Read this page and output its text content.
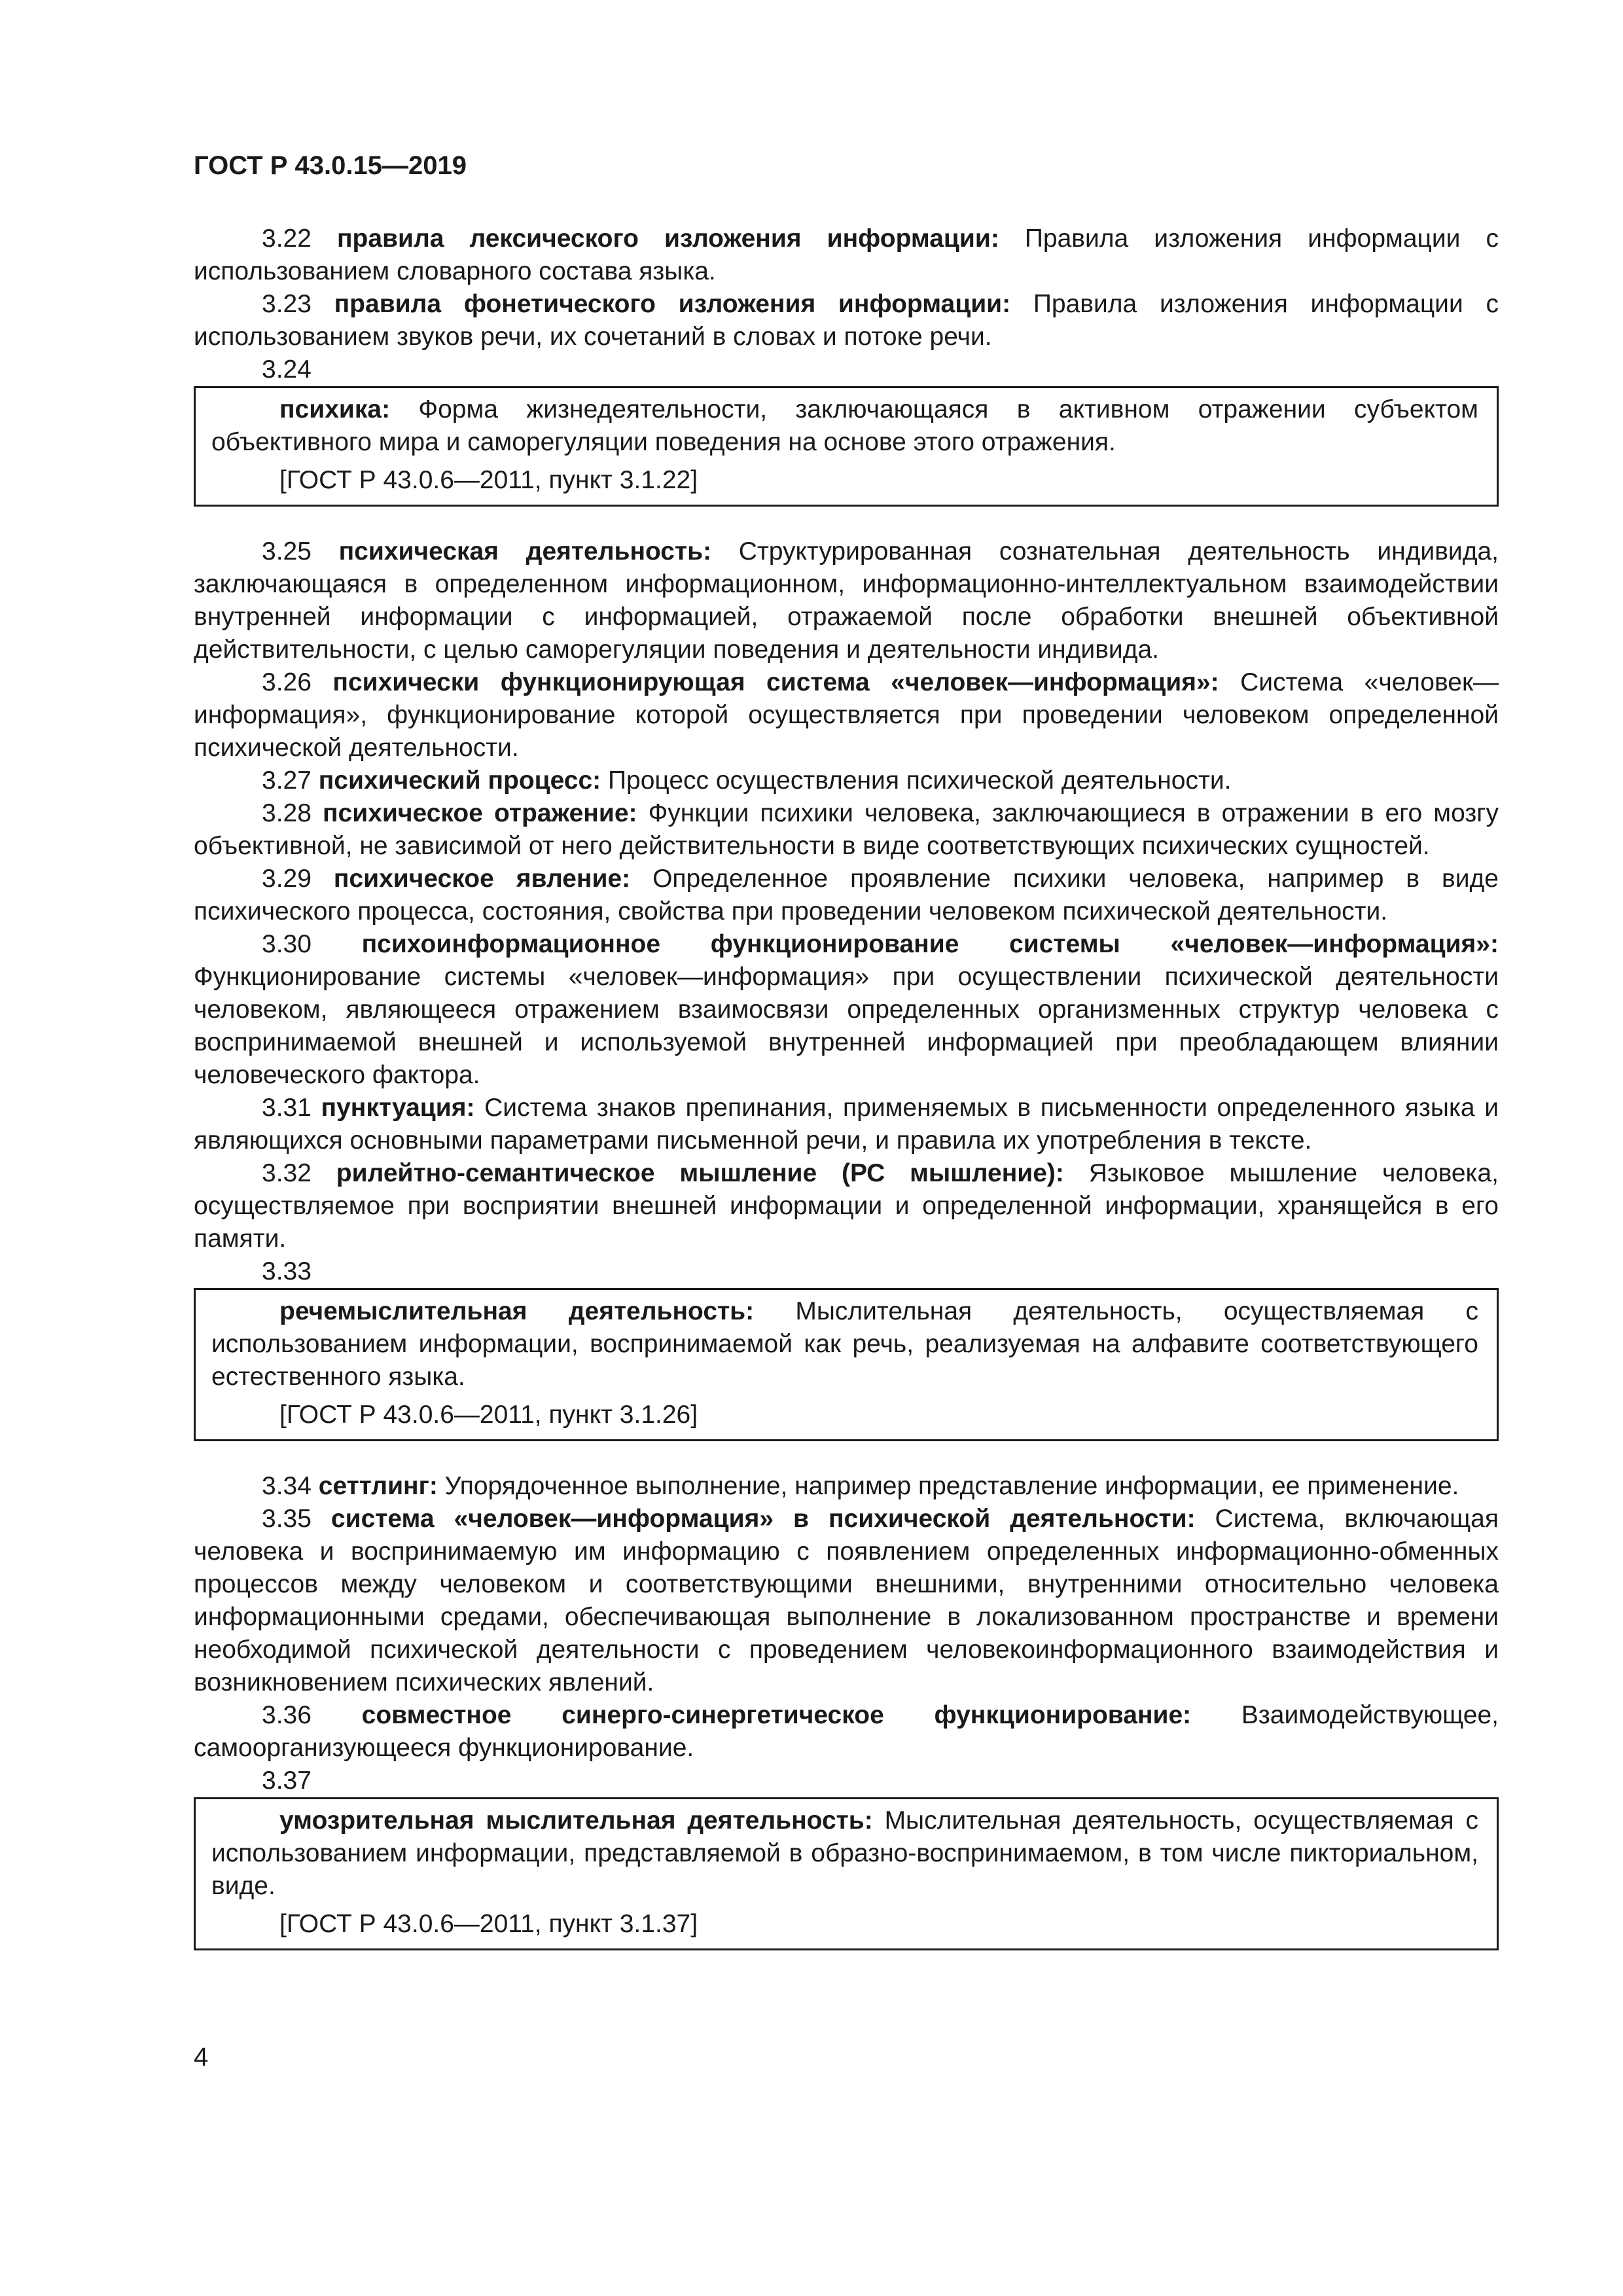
ГОСТ Р 43.0.15—2019

3.22 правила лексического изложения информации: Правила изложения информации с использованием словарного состава языка.

3.23 правила фонетического изложения информации: Правила изложения информации с использованием звуков речи, их сочетаний в словах и потоке речи.

3.24

психика: Форма жизнедеятельности, заключающаяся в активном отражении субъектом объективного мира и саморегуляции поведения на основе этого отражения.

[ГОСТ Р 43.0.6—2011, пункт 3.1.22]

3.25 психическая деятельность: Структурированная сознательная деятельность индивида, заключающаяся в определенном информационном, информационно-интеллектуальном взаимодействии внутренней информации с информацией, отражаемой после обработки внешней объективной действительности, с целью саморегуляции поведения и деятельности индивида.

3.26 психически функционирующая система «человек—информация»: Система «человек—информация», функционирование которой осуществляется при проведении человеком определенной психической деятельности.

3.27 психический процесс: Процесс осуществления психической деятельности.

3.28 психическое отражение: Функции психики человека, заключающиеся в отражении в его мозгу объективной, не зависимой от него действительности в виде соответствующих психических сущностей.

3.29 психическое явление: Определенное проявление психики человека, например в виде психического процесса, состояния, свойства при проведении человеком психической деятельности.

3.30 психоинформационное функционирование системы «человек—информация»: Функционирование системы «человек—информация» при осуществлении психической деятельности человеком, являющееся отражением взаимосвязи определенных организменных структур человека с воспринимаемой внешней и используемой внутренней информацией при преобладающем влиянии человеческого фактора.

3.31 пунктуация: Система знаков препинания, применяемых в письменности определенного языка и являющихся основными параметрами письменной речи, и правила их употребления в тексте.

3.32 рилейтно-семантическое мышление (РС мышление): Языковое мышление человека, осуществляемое при восприятии внешней информации и определенной информации, хранящейся в его памяти.

3.33

речемыслительная деятельность: Мыслительная деятельность, осуществляемая с использованием информации, воспринимаемой как речь, реализуемая на алфавите соответствующего естественного языка.

[ГОСТ Р 43.0.6—2011, пункт 3.1.26]

3.34 сеттлинг: Упорядоченное выполнение, например представление информации, ее применение.

3.35 система «человек—информация» в психической деятельности: Система, включающая человека и воспринимаемую им информацию с появлением определенных информационно-обменных процессов между человеком и соответствующими внешними, внутренними относительно человека информационными средами, обеспечивающая выполнение в локализованном пространстве и времени необходимой психической деятельности с проведением человекоинформационного взаимодействия и возникновением психических явлений.

3.36 совместное синерго-синергетическое функционирование: Взаимодействующее, самоорганизующееся функционирование.

3.37

умозрительная мыслительная деятельность: Мыслительная деятельность, осуществляемая с использованием информации, представляемой в образно-воспринимаемом, в том числе пикториальном, виде.

[ГОСТ Р 43.0.6—2011, пункт 3.1.37]

4
